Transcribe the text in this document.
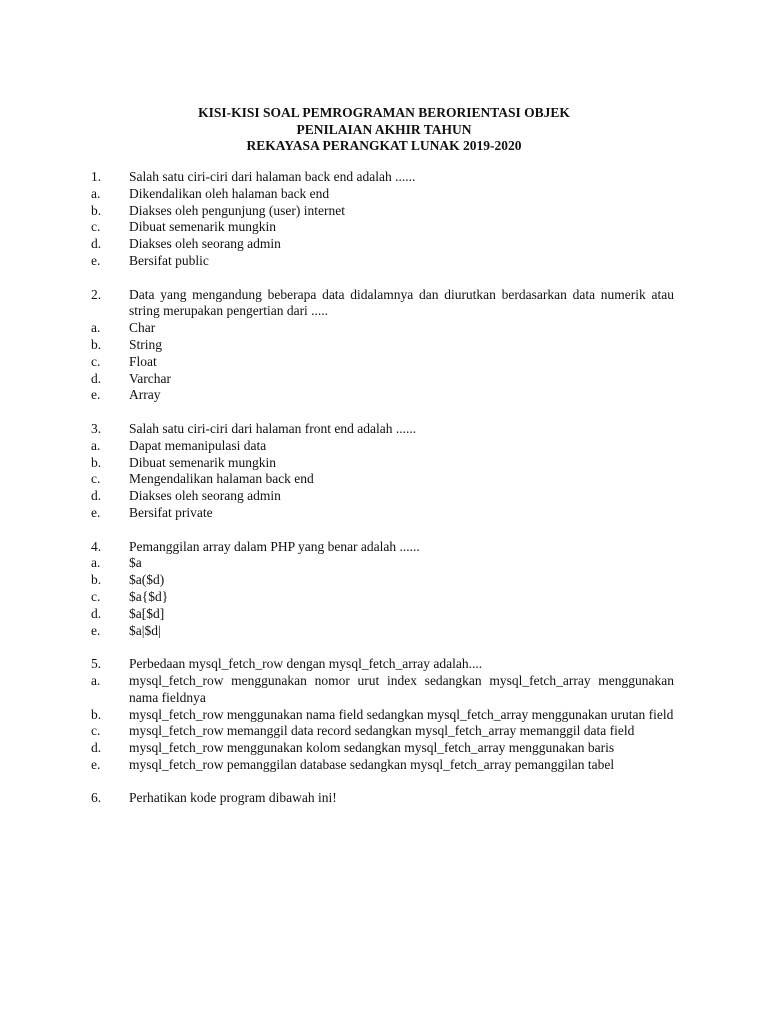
KISI-KISI SOAL PEMROGRAMAN BERORIENTASI OBJEK
PENILAIAN AKHIR TAHUN
REKAYASA PERANGKAT LUNAK 2019-2020
1.	Salah satu ciri-ciri dari halaman back end adalah ......
a.	Dikendalikan oleh halaman back end
b.	Diakses oleh pengunjung (user) internet
c.	Dibuat semenarik mungkin
d.	Diakses oleh seorang admin
e.	Bersifat public
2.	Data yang mengandung beberapa data didalamnya dan diurutkan berdasarkan data numerik atau string merupakan pengertian dari .....
a.	Char
b.	String
c.	Float
d.	Varchar
e.	Array
3.	Salah satu ciri-ciri dari halaman front end adalah ......
a.	Dapat memanipulasi data
b.	Dibuat semenarik mungkin
c.	Mengendalikan halaman back end
d.	Diakses oleh seorang admin
e.	Bersifat private
4.	Pemanggilan array dalam PHP yang benar adalah ......
a.	$a
b.	$a($d)
c.	$a{$d}
d.	$a[$d]
e.	$a|$d|
5.	Perbedaan mysql_fetch_row dengan mysql_fetch_array adalah....
a.	mysql_fetch_row menggunakan nomor urut index sedangkan mysql_fetch_array menggunakan nama fieldnya
b.	mysql_fetch_row menggunakan nama field sedangkan mysql_fetch_array menggunakan urutan field
c.	mysql_fetch_row memanggil data record sedangkan mysql_fetch_array memanggil data field
d.	mysql_fetch_row menggunakan kolom sedangkan mysql_fetch_array menggunakan baris
e.	mysql_fetch_row pemanggilan database sedangkan mysql_fetch_array pemanggilan tabel
6.	Perhatikan kode program dibawah ini!
